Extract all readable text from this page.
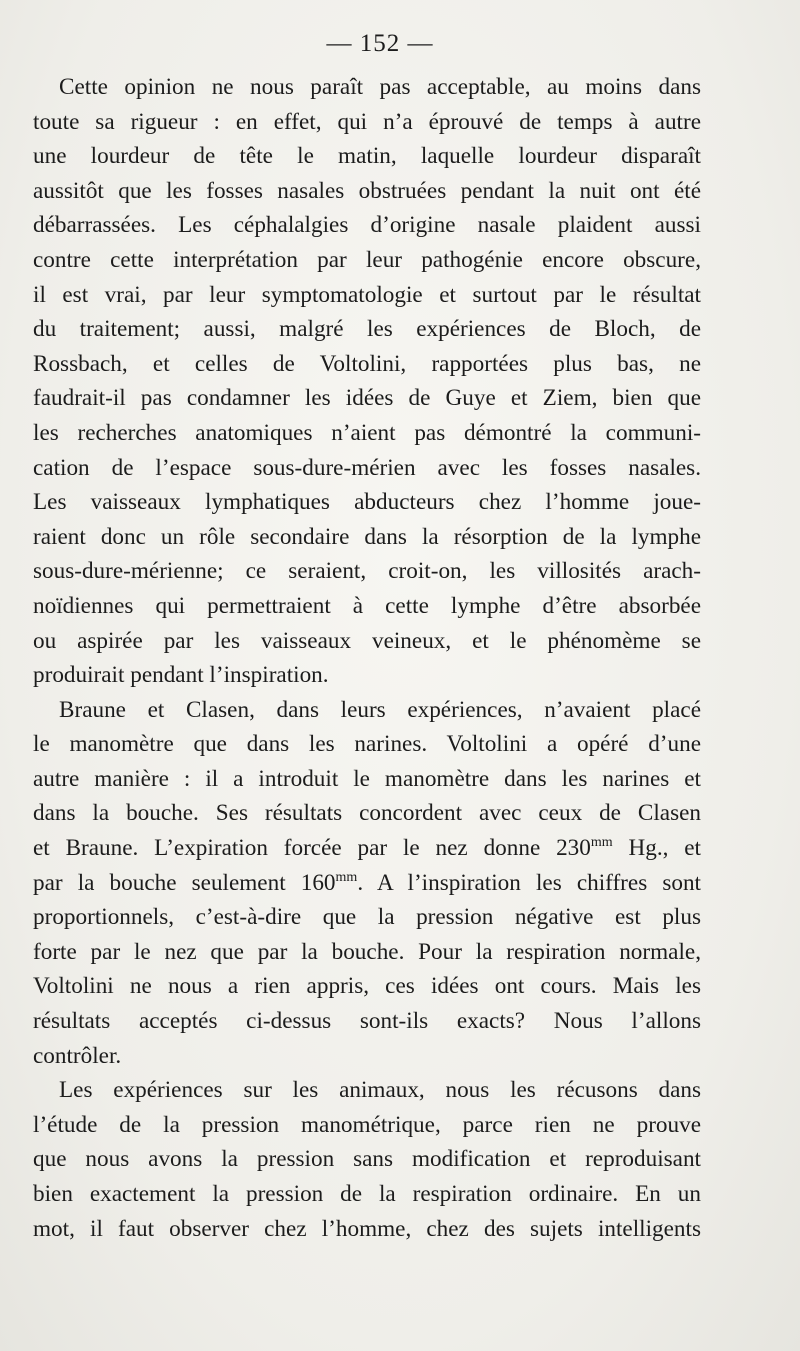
— 152 —

Cette opinion ne nous paraît pas acceptable, au moins dans
toute sa rigueur : en effet, qui n’a éprouvé de temps à autre
une lourdeur de tête le matin, laquelle lourdeur disparaît
aussitôt que les fosses nasales obstruées pendant la nuit ont été
débarrassées. Les céphalalgies d’origine nasale plaident aussi
contre cette interprétation par leur pathogénie encore obscure,
il est vrai, par leur symptomatologie et surtout par le résultat
du traitement; aussi, malgré les expériences de Bloch, de
Rossbach, et celles de Voltolini, rapportées plus bas, ne
faudrait-il pas condamner les idées de Guye et Ziem, bien que
les recherches anatomiques n’aient pas démontré la communi-
cation de l’espace sous-dure-mérien avec les fosses nasales.
Les vaisseaux lymphatiques abducteurs chez l’homme joue-
raient donc un rôle secondaire dans la résorption de la lymphe
sous-dure-mérienne; ce seraient, croit-on, les villosités arach-
noïdiennes qui permettraient à cette lymphe d’être absorbée
ou aspirée par les vaisseaux veineux, et le phénomème se
produirait pendant l’inspiration.

Braune et Clasen, dans leurs expériences, n’avaient placé
le manomètre que dans les narines. Voltolini a opéré d’une
autre manière : il a introduit le manomètre dans les narines et
dans la bouche. Ses résultats concordent avec ceux de Clasen
et Braune. L’expiration forcée par le nez donne $230^{mm}$ Hg., et
par la bouche seulement $160^{mm}$. A l’inspiration les chiffres sont
proportionnels, c’est-à-dire que la pression négative est plus
forte par le nez que par la bouche. Pour la respiration normale,
Voltolini ne nous a rien appris, ces idées ont cours. Mais les
résultats acceptés ci-dessus sont-ils exacts? Nous l’allons
contrôler.

Les expériences sur les animaux, nous les récusons dans
l’étude de la pression manométrique, parce rien ne prouve
que nous avons la pression sans modification et reproduisant
bien exactement la pression de la respiration ordinaire. En un
mot, il faut observer chez l’homme, chez des sujets intelligents
